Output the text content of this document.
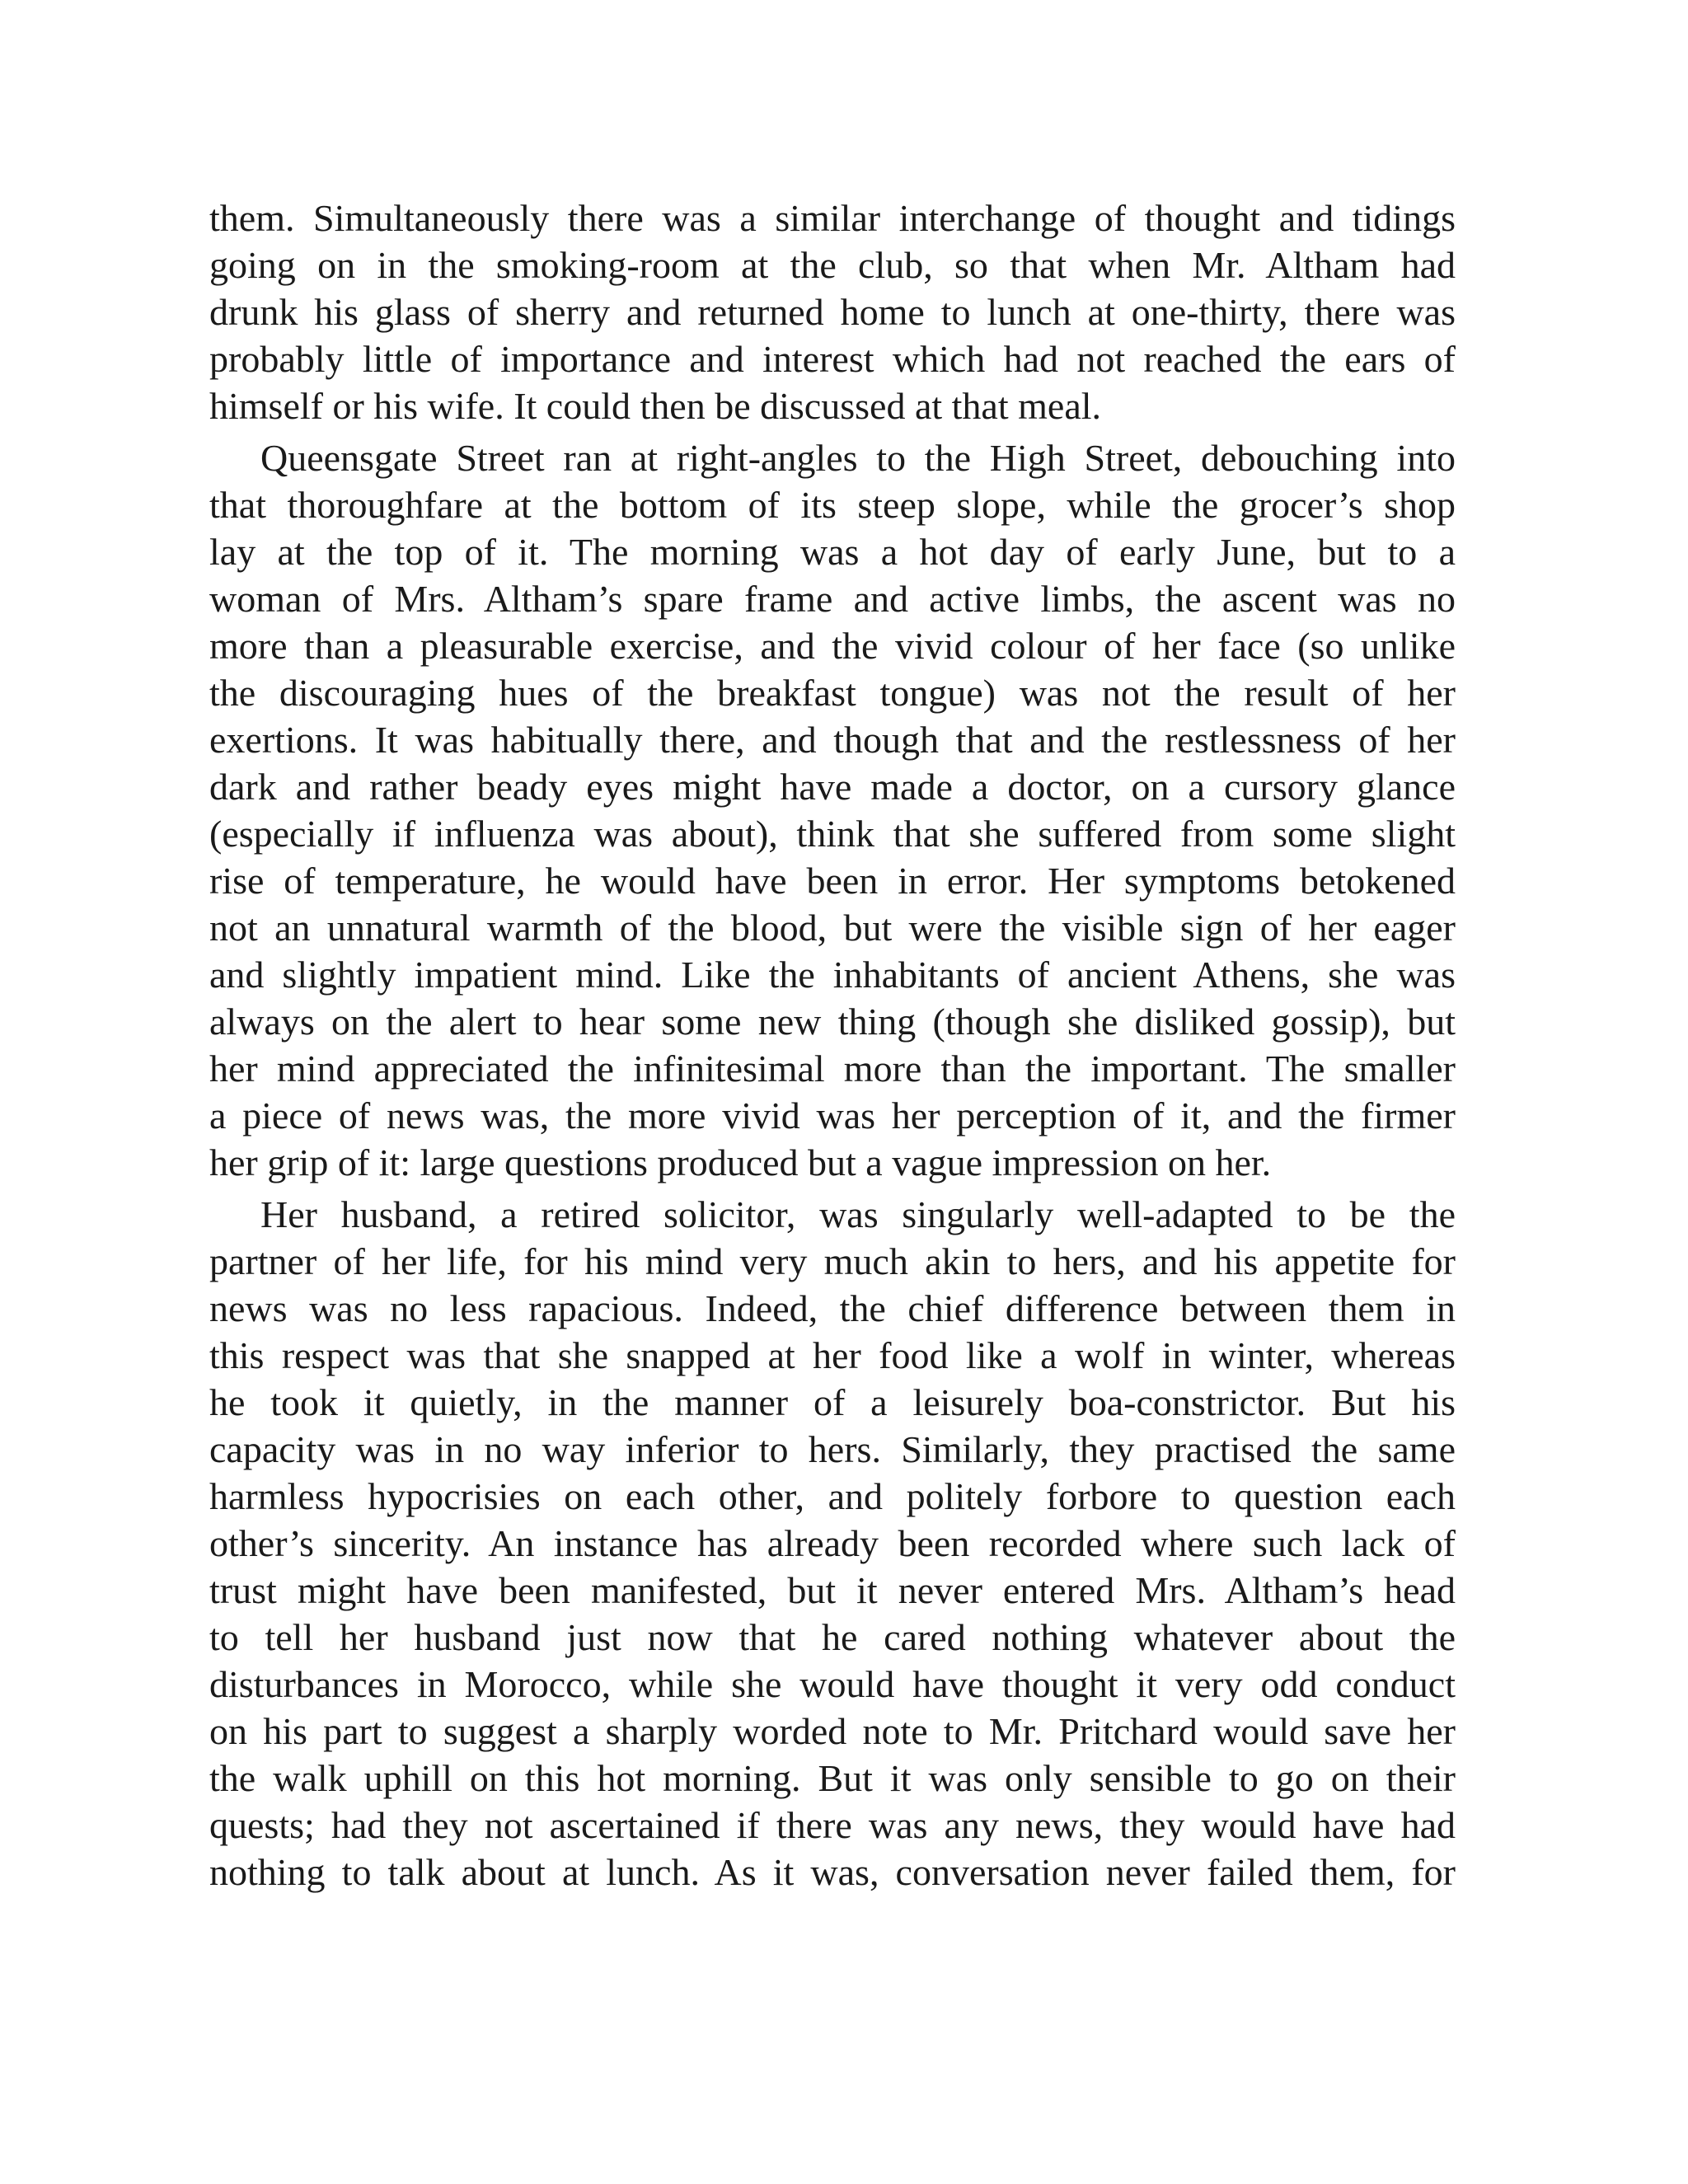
them. Simultaneously there was a similar interchange of thought and tidings
going on in the smoking-room at the club, so that when Mr. Altham had
drunk his glass of sherry and returned home to lunch at one-thirty, there was
probably little of importance and interest which had not reached the ears of
himself or his wife. It could then be discussed at that meal.
Queensgate Street ran at right-angles to the High Street, debouching into
that thoroughfare at the bottom of its steep slope, while the grocer’s shop
lay at the top of it. The morning was a hot day of early June, but to a
woman of Mrs. Altham’s spare frame and active limbs, the ascent was no
more than a pleasurable exercise, and the vivid colour of her face (so unlike
the discouraging hues of the breakfast tongue) was not the result of her
exertions. It was habitually there, and though that and the restlessness of her
dark and rather beady eyes might have made a doctor, on a cursory glance
(especially if influenza was about), think that she suffered from some slight
rise of temperature, he would have been in error. Her symptoms betokened
not an unnatural warmth of the blood, but were the visible sign of her eager
and slightly impatient mind. Like the inhabitants of ancient Athens, she was
always on the alert to hear some new thing (though she disliked gossip), but
her mind appreciated the infinitesimal more than the important. The smaller
a piece of news was, the more vivid was her perception of it, and the firmer
her grip of it: large questions produced but a vague impression on her.
Her husband, a retired solicitor, was singularly well-adapted to be the
partner of her life, for his mind very much akin to hers, and his appetite for
news was no less rapacious. Indeed, the chief difference between them in
this respect was that she snapped at her food like a wolf in winter, whereas
he took it quietly, in the manner of a leisurely boa-constrictor. But his
capacity was in no way inferior to hers. Similarly, they practised the same
harmless hypocrisies on each other, and politely forbore to question each
other’s sincerity. An instance has already been recorded where such lack of
trust might have been manifested, but it never entered Mrs. Altham’s head
to tell her husband just now that he cared nothing whatever about the
disturbances in Morocco, while she would have thought it very odd conduct
on his part to suggest a sharply worded note to Mr. Pritchard would save her
the walk uphill on this hot morning. But it was only sensible to go on their
quests; had they not ascertained if there was any news, they would have had
nothing to talk about at lunch. As it was, conversation never failed them, for
